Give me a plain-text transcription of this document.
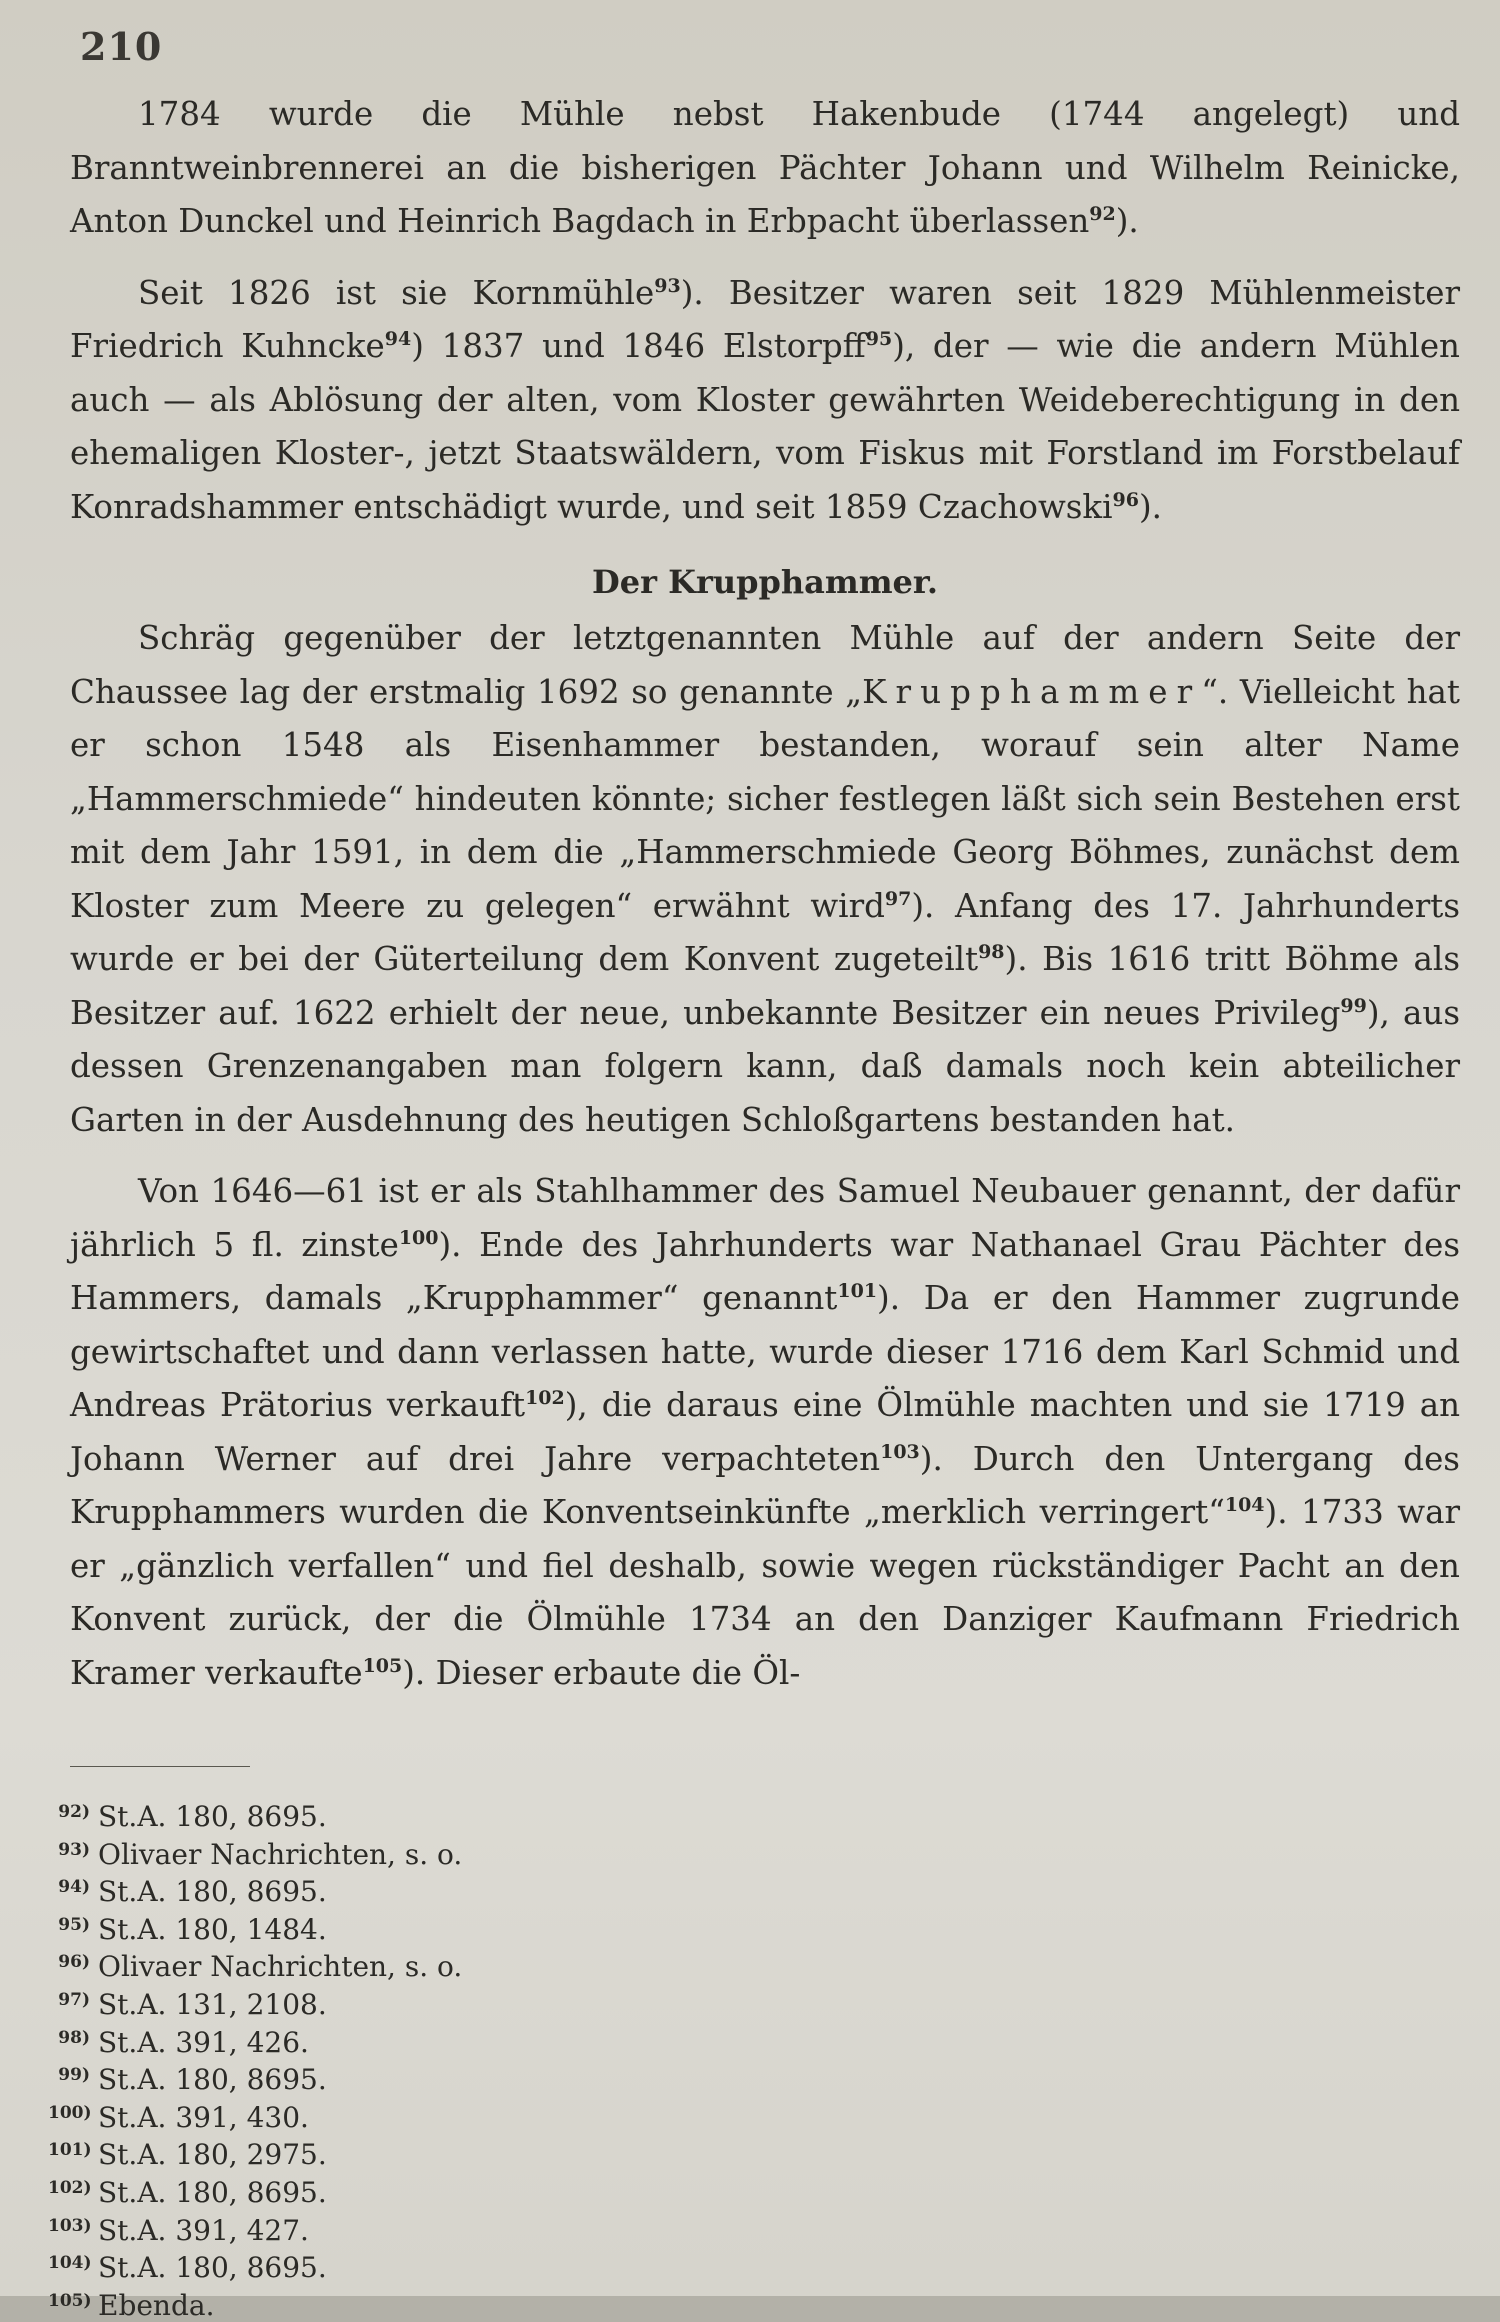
210

1784 wurde die Mühle nebst Hakenbude (1744 angelegt) und Branntweinbrennerei an die bisherigen Pächter Johann und Wilhelm Reinicke, Anton Dunckel und Heinrich Bagdach in Erbpacht überlassen$^{92}$).

Seit 1826 ist sie Kornmühle$^{93}$). Besitzer waren seit 1829 Mühlenmeister Friedrich Kuhncke$^{94}$) 1837 und 1846 Elstorpff$^{95}$), der — wie die andern Mühlen auch — als Ablösung der alten, vom Kloster gewährten Weideberechtigung in den ehemaligen Kloster-, jetzt Staatswäldern, vom Fiskus mit Forstland im Forstbelauf Konradshammer entschädigt wurde, und seit 1859 Czachowski$^{96}$).

Der Krupphammer.

Schräg gegenüber der letztgenannten Mühle auf der andern Seite der Chaussee lag der erstmalig 1692 so genannte „Krupphammer“. Vielleicht hat er schon 1548 als Eisenhammer bestanden, worauf sein alter Name „Hammerschmiede“ hindeuten könnte; sicher festlegen läßt sich sein Bestehen erst mit dem Jahr 1591, in dem die „Hammerschmiede Georg Böhmes, zunächst dem Kloster zum Meere zu gelegen“ erwähnt wird$^{97}$). Anfang des 17. Jahrhunderts wurde er bei der Güterteilung dem Konvent zugeteilt$^{98}$). Bis 1616 tritt Böhme als Besitzer auf. 1622 erhielt der neue, unbekannte Besitzer ein neues Privileg$^{99}$), aus dessen Grenzenangaben man folgern kann, daß damals noch kein abteilicher Garten in der Ausdehnung des heutigen Schloßgartens bestanden hat.

Von 1646—61 ist er als Stahlhammer des Samuel Neubauer genannt, der dafür jährlich 5 fl. zinste$^{100}$). Ende des Jahrhunderts war Nathanael Grau Pächter des Hammers, damals „Krupphammer“ genannt$^{101}$). Da er den Hammer zugrunde gewirtschaftet und dann verlassen hatte, wurde dieser 1716 dem Karl Schmid und Andreas Prätorius verkauft$^{102}$), die daraus eine Ölmühle machten und sie 1719 an Johann Werner auf drei Jahre verpachteten$^{103}$). Durch den Untergang des Krupphammers wurden die Konventseinkünfte „merklich verringert“$^{104}$). 1733 war er „gänzlich verfallen“ und fiel deshalb, sowie wegen rückständiger Pacht an den Konvent zurück, der die Ölmühle 1734 an den Danziger Kaufmann Friedrich Kramer verkaufte$^{105}$). Dieser erbaute die Öl-

92) St.A. 180, 8695.
93) Olivaer Nachrichten, s. o.
94) St.A. 180, 8695.
95) St.A. 180, 1484.
96) Olivaer Nachrichten, s. o.
97) St.A. 131, 2108.
98) St.A. 391, 426.
99) St.A. 180, 8695.
100) St.A. 391, 430.
101) St.A. 180, 2975.
102) St.A. 180, 8695.
103) St.A. 391, 427.
104) St.A. 180, 8695.
105) Ebenda.
